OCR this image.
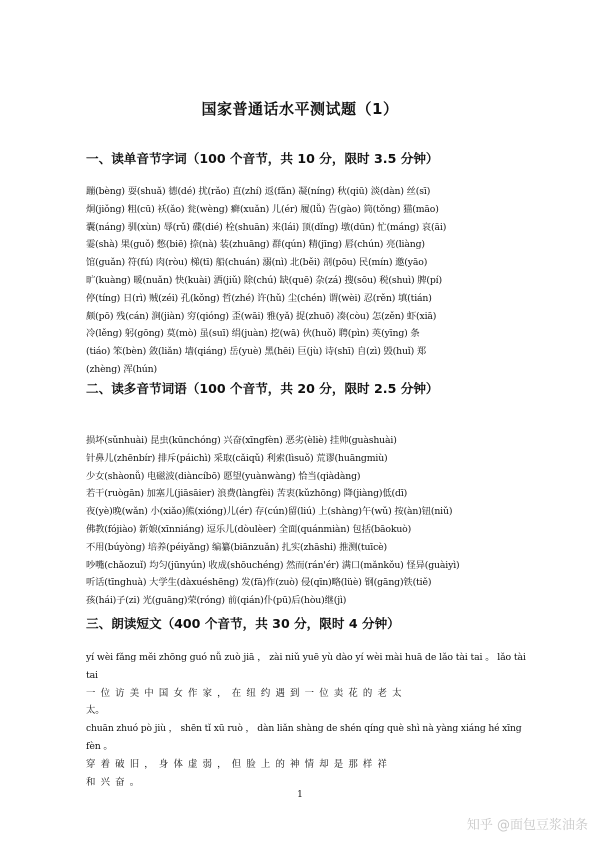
国家普通话水平测试题（1）
一、读单音节字词（100 个音节，共 10 分，限时 3.5 分钟）
蹦(bèng) 耍(shuǎ) 德(dé) 扰(rǎo) 直(zhí) 返(fǎn) 凝(níng) 秋(qiū) 淡(dàn) 丝(sī)
炯(jiǒng) 粗(cū) 袄(ǎo) 瓮(wèng) 癣(xuǎn) 儿(ér) 履(lǚ) 告(gào) 筒(tǒng) 猫(māo)
囊(náng) 驯(xùn) 辱(rǔ) 碟(dié) 栓(shuān) 来(lái) 顶(dǐng) 墩(dūn) 忙(máng) 哀(āi)
霎(shà) 果(guǒ) 憋(biē) 捺(nà) 装(zhuāng) 群(qún) 精(jīng) 唇(chún) 亮(liàng)
馆(guǎn) 符(fú) 肉(ròu) 梯(tī) 船(chuán) 溺(nì) 北(běi) 剖(pōu) 民(mín) 邀(yāo)
旷(kuàng) 暖(nuǎn) 快(kuài) 洒(jiǔ) 除(chú) 缺(quē) 杂(zá) 搜(sōu) 税(shuì) 脾(pí)
停(tíng) 日(rì) 贼(zéi) 孔(kǒng) 哲(zhé) 许(hǔ) 尘(chén) 谓(wèi) 忍(rěn) 填(tián)
颇(pō) 残(cán) 涧(jiàn) 穷(qióng) 歪(wāi) 雅(yǎ) 捉(zhuō) 凑(còu) 怎(zěn) 虾(xiā)
冷(lěng) 躬(gōng) 莫(mò) 虽(suī) 绢(juàn) 挖(wā) 伙(huǒ) 聘(pìn) 英(yīng) 条
(tiáo) 笨(bèn) 敛(liǎn) 墙(qiáng) 岳(yuè) 黑(hēi) 巨(jù) 诗(shī) 自(zì) 毁(huǐ) 郑
(zhèng) 浑(hún)
二、读多音节词语（100 个音节，共 20 分，限时 2.5 分钟）
损坏(sǔnhuài) 昆虫(kūnchóng) 兴奋(xīngfèn) 恶劣(èliè) 挂帅(guàshuài)
针鼻儿(zhēnbír) 排斥(páichì) 采取(cǎiqǔ) 利索(lìsuǒ) 荒谬(huāngmiù)
少女(shàonǚ) 电磁波(diàncíbō) 愿望(yuànwàng) 恰当(qiàdàng)
若干(ruògān) 加塞儿(jiāsāier) 浪费(làngfèi) 苦衷(kǔzhōng) 降(jiàng)低(dī)
夜(yè)晚(wǎn) 小(xiǎo)熊(xióng)儿(ér) 存(cún)留(liú) 上(shàng)午(wǔ) 按(àn)钮(niǔ)
佛教(fójiào) 新娘(xīnniáng) 逗乐儿(dòulèer) 全面(quánmiàn) 包括(bāokuò)
不用(búyòng) 培养(péiyǎng) 编纂(biānzuǎn) 扎实(zhāshi) 推测(tuīcè)
吵嘴(chǎozuǐ) 均匀(jūnyún) 收成(shōuchéng) 然而(rán'ér) 满口(mǎnkǒu) 怪异(guàiyì)
听话(tīnghuà) 大学生(dàxuéshēng) 发(fā)作(zuò) 侵(qīn)略(lüè) 钢(gāng)铁(tiě)
孩(hái)子(zi) 光(guāng)荣(róng) 前(qián)仆(pū)后(hòu)继(jì)
三、朗读短文（400 个音节，共 30 分，限时 4 分钟）
yí wèi fǎng měi zhōng guó nǚ zuò jiā ， zài niǔ yuē yù dào yí wèi mài huā de lǎo tài tai 。 lǎo tài
tai
一位访美中国女作家，在纽约遇到一位卖花的老太
太。
chuān zhuó pò jiù ， shēn tǐ xū ruò ， dàn liǎn shàng de shén qíng què shì nà yàng xiáng hé xīng
fèn 。
穿着破旧，身体虚弱，但脸上的神情却是那样祥
和兴奋。
1
知乎 @面包豆浆油条
